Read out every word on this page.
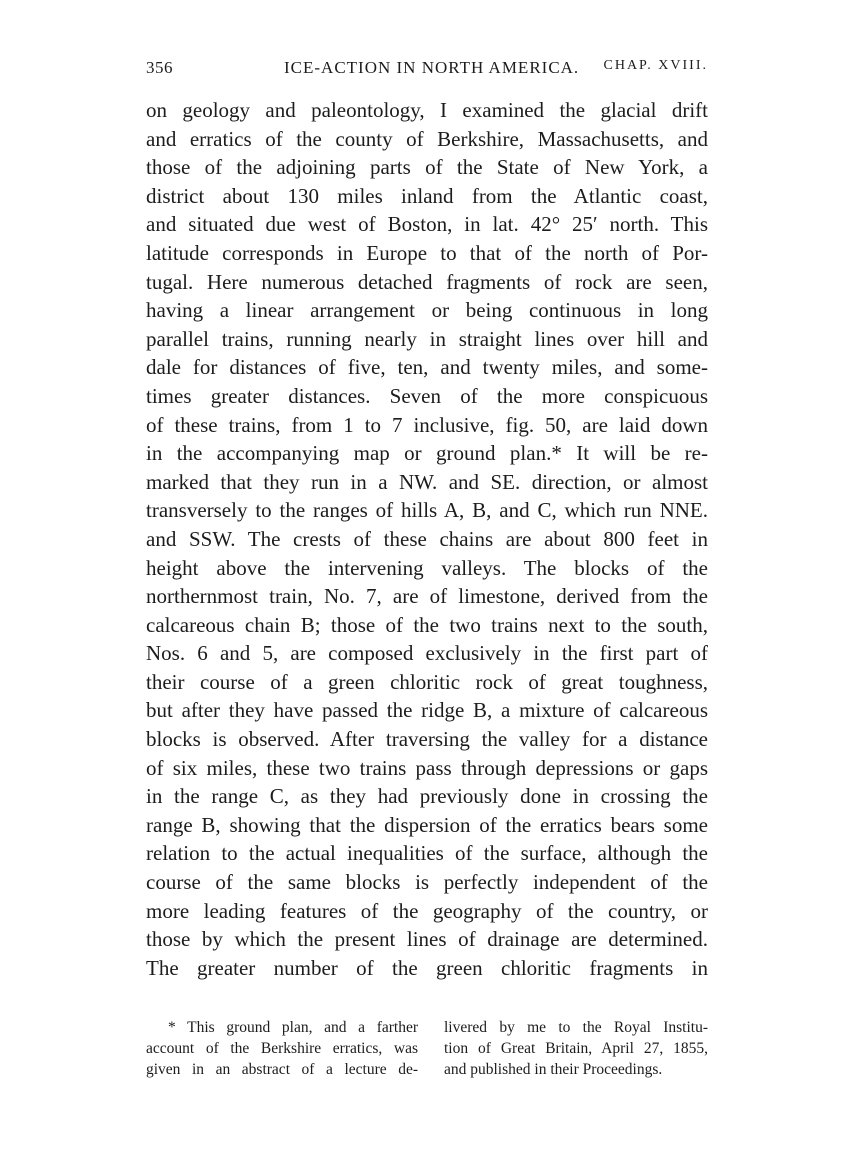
356	ICE-ACTION IN NORTH AMERICA. CHAP. XVIII.
on geology and paleontology, I examined the glacial drift
and erratics of the county of Berkshire, Massachusetts, and
those of the adjoining parts of the State of New York, a
district about 130 miles inland from the Atlantic coast,
and situated due west of Boston, in lat. 42° 25′ north. This
latitude corresponds in Europe to that of the north of Por-
tugal. Here numerous detached fragments of rock are seen,
having a linear arrangement or being continuous in long
parallel trains, running nearly in straight lines over hill and
dale for distances of five, ten, and twenty miles, and some-
times greater distances. Seven of the more conspicuous
of these trains, from 1 to 7 inclusive, fig. 50, are laid down
in the accompanying map or ground plan.* It will be re-
marked that they run in a NW. and SE. direction, or almost
transversely to the ranges of hills A, B, and C, which run NNE.
and SSW. The crests of these chains are about 800 feet in
height above the intervening valleys. The blocks of the
northernmost train, No. 7, are of limestone, derived from the
calcareous chain B; those of the two trains next to the south,
Nos. 6 and 5, are composed exclusively in the first part of
their course of a green chloritic rock of great toughness,
but after they have passed the ridge B, a mixture of calcareous
blocks is observed. After traversing the valley for a distance
of six miles, these two trains pass through depressions or gaps
in the range C, as they had previously done in crossing the
range B, showing that the dispersion of the erratics bears some
relation to the actual inequalities of the surface, although the
course of the same blocks is perfectly independent of the
more leading features of the geography of the country, or
those by which the present lines of drainage are determined.
The greater number of the green chloritic fragments in
* This ground plan, and a farther
account of the Berkshire erratics, was
given in an abstract of a lecture de-
livered by me to the Royal Institu-
tion of Great Britain, April 27, 1855,
and published in their Proceedings.
